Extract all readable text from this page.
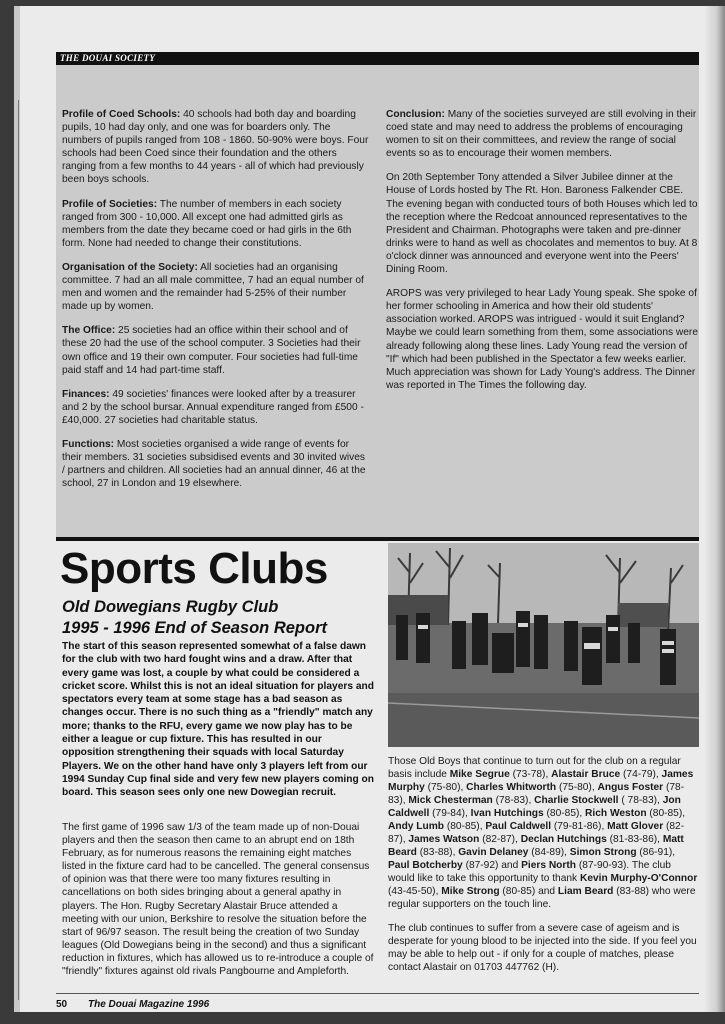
THE DOUAI SOCIETY

Profile of Coed Schools: 40 schools had both day and boarding pupils, 10 had day only, and one was for boarders only. The numbers of pupils ranged from 108 - 1860. 50-90% were boys. Four schools had been Coed since their foundation and the others ranging from a few months to 44 years - all of which had previously been boys schools.

Profile of Societies: The number of members in each society ranged from 300 - 10,000. All except one had admitted girls as members from the date they became coed or had girls in the 6th form. None had needed to change their constitutions.

Organisation of the Society: All societies had an organising committee. 7 had an all male committee, 7 had an equal number of men and women and the remainder had 5-25% of their number made up by women.

The Office: 25 societies had an office within their school and of these 20 had the use of the school computer. 3 Societies had their own office and 19 their own computer. Four societies had full-time paid staff and 14 had part-time staff.

Finances: 49 societies' finances were looked after by a treasurer and 2 by the school bursar. Annual expenditure ranged from £500 - £40,000. 27 societies had charitable status.

Functions: Most societies organised a wide range of events for their members. 31 societies subsidised events and 30 invited wives / partners and children. All societies had an annual dinner, 46 at the school, 27 in London and 19 elsewhere.

Conclusion: Many of the societies surveyed are still evolving in their coed state and may need to address the problems of encouraging women to sit on their committees, and review the range of social events so as to encourage their women members.

On 20th September Tony attended a Silver Jubilee dinner at the House of Lords hosted by The Rt. Hon. Baroness Falkender CBE. The evening began with conducted tours of both Houses which led to the reception where the Redcoat announced representatives to the President and Chairman. Photographs were taken and pre-dinner drinks were to hand as well as chocolates and mementos to buy. At 8 o'clock dinner was announced and everyone went into the Peers' Dining Room.

AROPS was very privileged to hear Lady Young speak. She spoke of her former schooling in America and how their old students' association worked. AROPS was intrigued - would it suit England? Maybe we could learn something from them, some associations were already following along these lines. Lady Young read the version of "If" which had been published in the Spectator a few weeks earlier. Much appreciation was shown for Lady Young's address. The Dinner was reported in The Times the following day.

Sports Clubs
Old Dowegians Rugby Club
1995 - 1996 End of Season Report
The start of this season represented somewhat of a false dawn for the club with two hard fought wins and a draw. After that every game was lost, a couple by what could be considered a cricket score. Whilst this is not an ideal situation for players and spectators every team at some stage has a bad season as changes occur. There is no such thing as a "friendly" match any more; thanks to the RFU, every game we now play has to be either a league or cup fixture. This has resulted in our opposition strengthening their squads with local Saturday Players. We on the other hand have only 3 players left from our 1994 Sunday Cup final side and very few new players coming on board. This season sees only one new Dowegian recruit.
The first game of 1996 saw 1/3 of the team made up of non-Douai players and then the season then came to an abrupt end on 18th February, as for numerous reasons the remaining eight matches listed in the fixture card had to be cancelled. The general consensus of opinion was that there were too many fixtures resulting in cancellations on both sides bringing about a general apathy in players. The Hon. Rugby Secretary Alastair Bruce attended a meeting with our union, Berkshire to resolve the situation before the start of 96/97 season. The result being the creation of two Sunday leagues (Old Dowegians being in the second) and thus a significant reduction in fixtures, which has allowed us to re-introduce a couple of "friendly" fixtures against old rivals Pangbourne and Ampleforth.

Those Old Boys that continue to turn out for the club on a regular basis include Mike Segrue (73-78), Alastair Bruce (74-79), James Murphy (75-80), Charles Whitworth (75-80), Angus Foster (78-83), Mick Chesterman (78-83), Charlie Stockwell ( 78-83), Jon Caldwell (79-84), Ivan Hutchings (80-85), Rich Weston (80-85), Andy Lumb (80-85), Paul Caldwell (79-81-86), Matt Glover (82-87), James Watson (82-87), Declan Hutchings (81-83-86), Matt Beard (83-88), Gavin Delaney (84-89), Simon Strong (86-91), Paul Botcherby (87-92) and Piers North (87-90-93). The club would like to take this opportunity to thank Kevin Murphy-O'Connor (43-45-50), Mike Strong (80-85) and Liam Beard (83-88) who were regular supporters on the touch line.

The club continues to suffer from a severe case of ageism and is desperate for young blood to be injected into the side. If you feel you may be able to help out - if only for a couple of matches, please contact Alastair on 01703 447762 (H).

50 The Douai Magazine 1996
